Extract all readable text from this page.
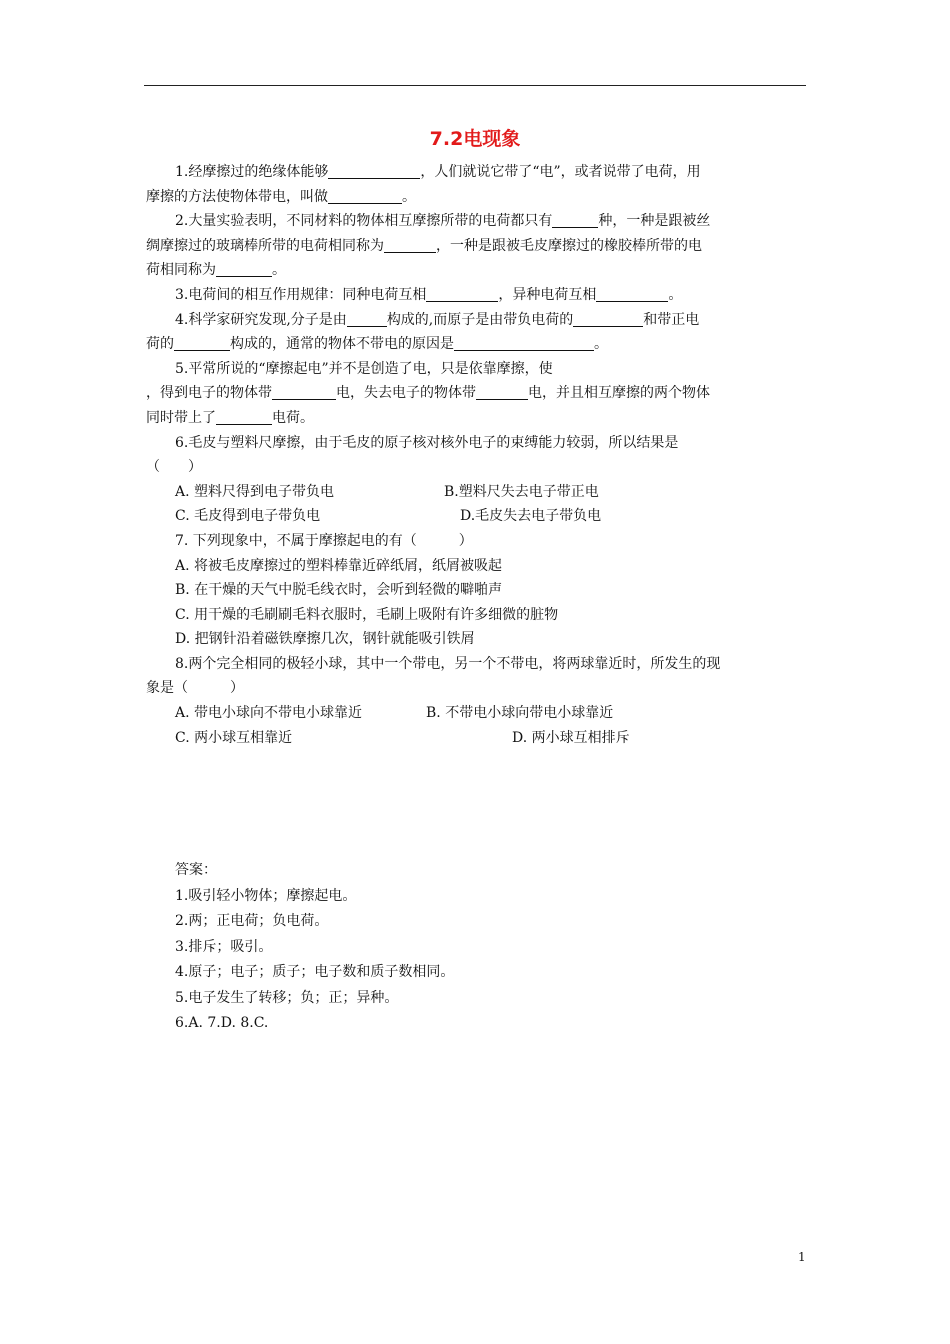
7.2电现象
1.经摩擦过的绝缘体能够	，人们就说它带了“电”，或者说带了电荷，用
摩擦的方法使物体带电，叫做	。
2.大量实验表明，不同材料的物体相互摩擦所带的电荷都只有	种，一种是跟被丝
绸摩擦过的玻璃棒所带的电荷相同称为	，一种是跟被毛皮摩擦过的橡胶棒所带的电
荷相同称为	。
3.电荷间的相互作用规律：同种电荷互相	，异种电荷互相	。
4.科学家研究发现,分子是由	构成的,而原子是由带负电荷的	和带正电
荷的	构成的，通常的物体不带电的原因是	。
5.平常所说的“摩擦起电”并不是创造了电，只是依靠摩擦，使
，得到电子的物体带	电，失去电子的物体带	电，并且相互摩擦的两个物体
同时带上了	电荷。
6.毛皮与塑料尺摩擦，由于毛皮的原子核对核外电子的束缚能力较弱，所以结果是
（　　）
A. 塑料尺得到电子带负电	B.塑料尺失去电子带正电
C. 毛皮得到电子带负电	D.毛皮失去电子带负电
7. 下列现象中，不属于摩擦起电的有（　　　）
A. 将被毛皮摩擦过的塑料棒靠近碎纸屑，纸屑被吸起
B. 在干燥的天气中脱毛线衣时，会听到轻微的噼啪声
C. 用干燥的毛刷刷毛料衣服时，毛刷上吸附有许多细微的脏物
D. 把钢针沿着磁铁摩擦几次，钢针就能吸引铁屑
8.两个完全相同的极轻小球，其中一个带电，另一个不带电，将两球靠近时，所发生的现
象是（　　　）
A. 带电小球向不带电小球靠近	B. 不带电小球向带电小球靠近
C. 两小球互相靠近	D. 两小球互相排斥
答案：
1.吸引轻小物体；摩擦起电。
2.两；正电荷；负电荷。
3.排斥；吸引。
4.原子；电子；质子；电子数和质子数相同。
5.电子发生了转移；负；正；异种。
6.A. 7.D. 8.C.
1
